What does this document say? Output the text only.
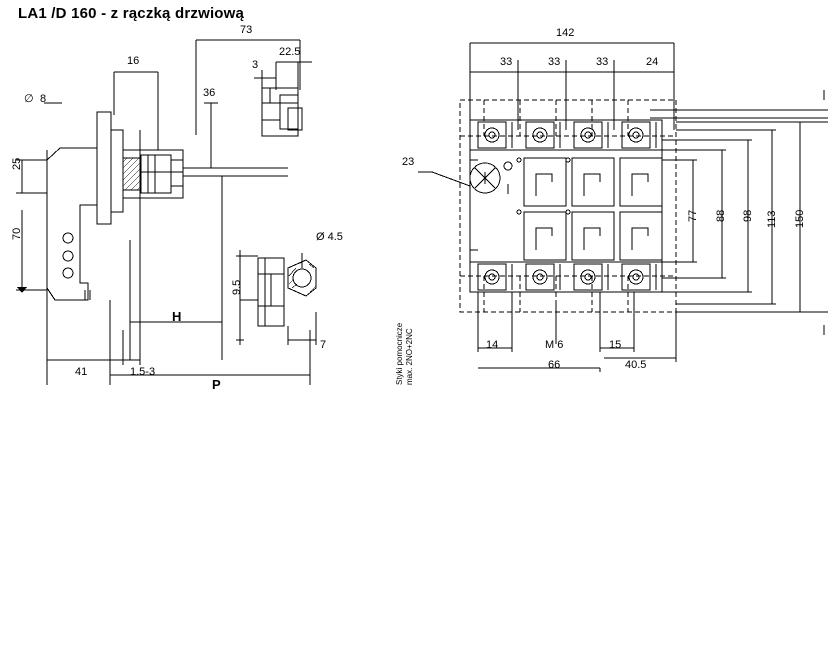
LA1 /D 160 - z rączką drzwiową
∅ 8
25
70
16
73
22.5
3
36
9.5
Ø 4.5
7
41	1.5-3
H
P
142
33	33	33	24
23
77 88 98 113 150
14	M 6	15
66	40.5
Styki pomocnicze max. 2NO+2NC
